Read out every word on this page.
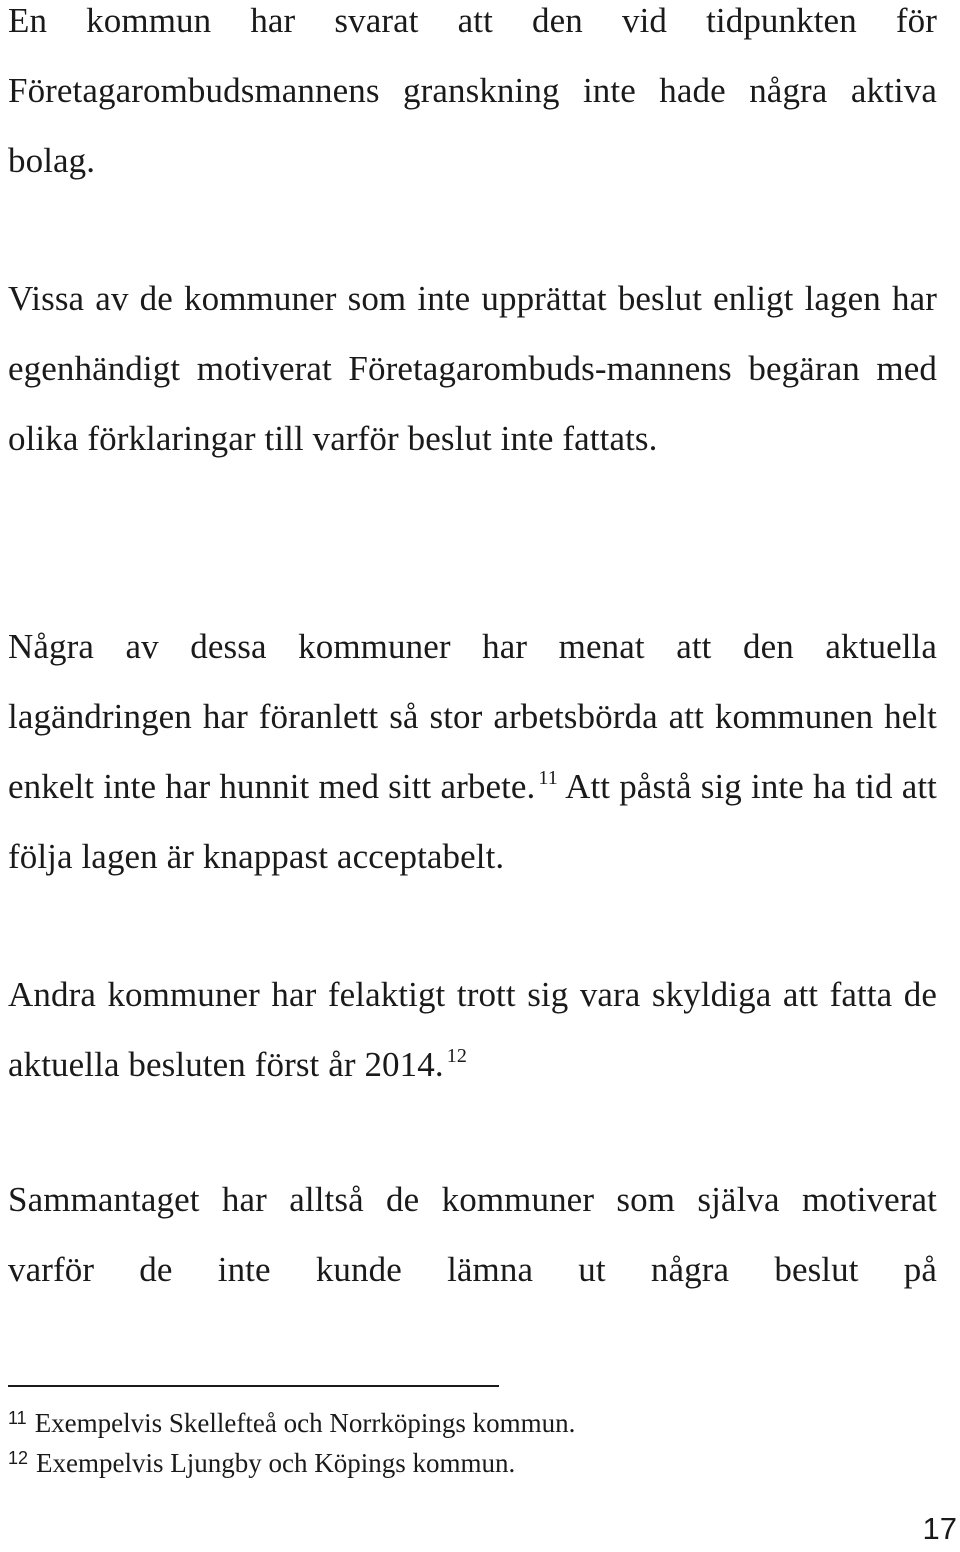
En kommun har svarat att den vid tidpunkten för Företagarombudsmannens granskning inte hade några aktiva bolag.

Vissa av de kommuner som inte upprättat beslut enligt lagen har egenhändigt motiverat Företagarombuds-mannens begäran med olika förklaringar till varför beslut inte fattats.

Några av dessa kommuner har menat att den aktuella lagändringen har föranlett så stor arbetsbörda att kommunen helt enkelt inte har hunnit med sitt arbete. $^{11}$ Att påstå sig inte ha tid att följa lagen är knappast acceptabelt.

Andra kommuner har felaktigt trott sig vara skyldiga att fatta de aktuella besluten först år 2014. $^{12}$

Sammantaget har alltså de kommuner som själva motiverat varför de inte kunde lämna ut några beslut på

$^{11}$ Exempelvis Skellefteå och Norrköpings kommun.

$^{12}$ Exempelvis Ljungby och Köpings kommun.

17
